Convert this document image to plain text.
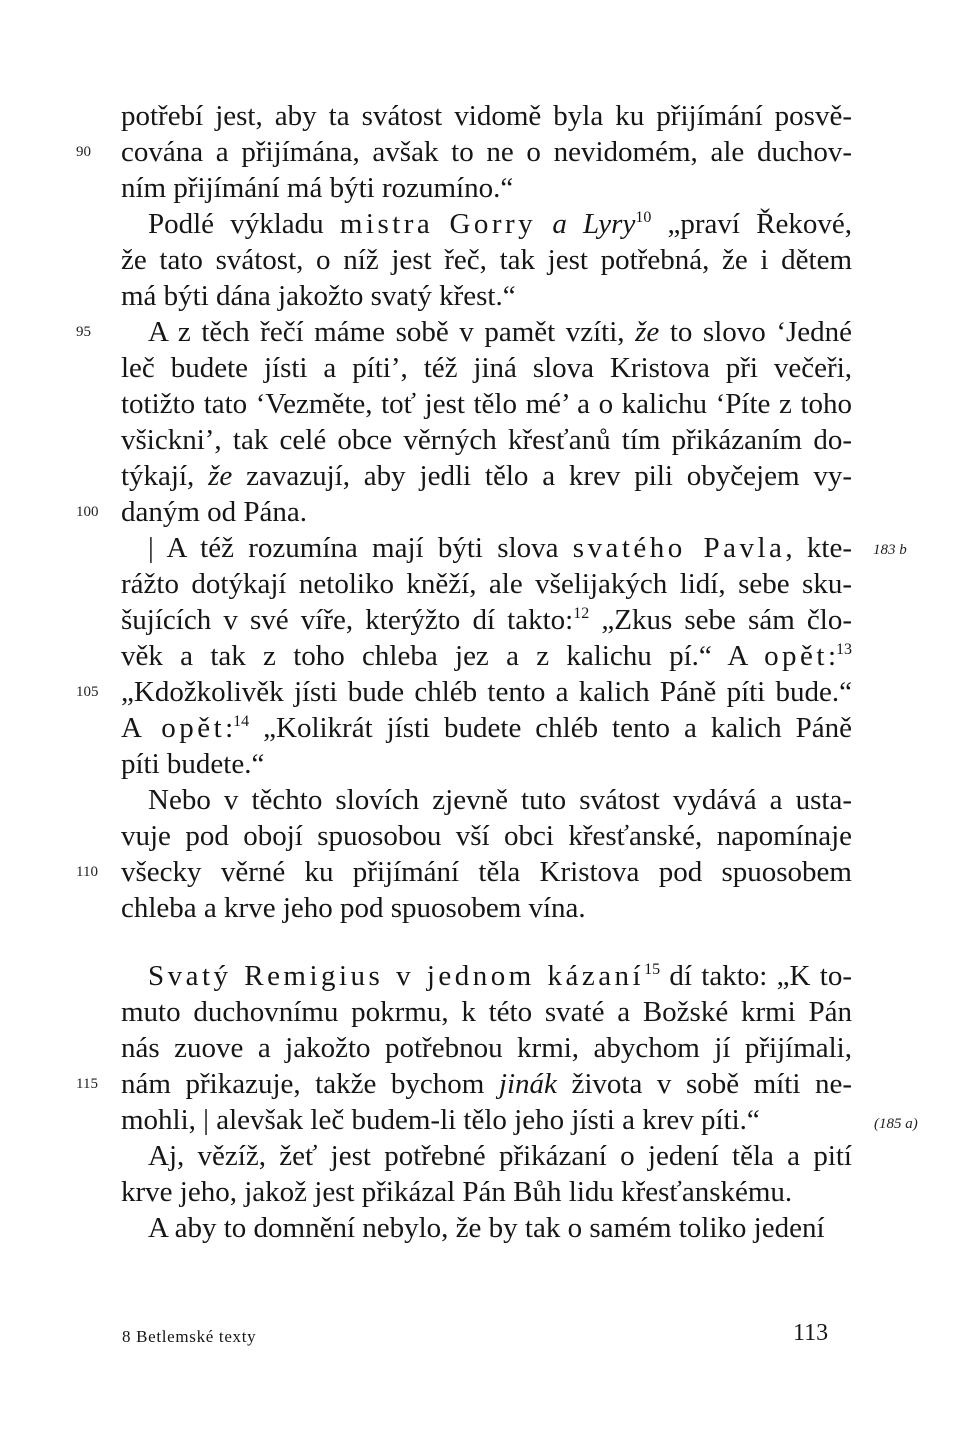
potřebí jest, aby ta svátost vidomě byla ku přijímání posvě-
cována a přijímána, avšak to ne o nevidomém, ale duchov-
ním přijímání má býti rozumíno.“
Podlé výkladu mistra Gorry a Lyry$^{10}$ „praví Řekové,
že tato svátost, o níž jest řeč, tak jest potřebná, že i dětem
má býti dána jakožto svatý křest.“
A z těch řečí máme sobě v pamět vzíti, že to slovo ‘Jedné
leč budete jísti a píti’, též jiná slova Kristova při večeři,
totižto tato ‘Vezměte, toť jest tělo mé’ a o kalichu ‘Píte z toho
všickni’, tak celé obce věrných křesťanů tím přikázaním do-
týkají, že zavazují, aby jedli tělo a krev pili obyčejem vy-
daným od Pána.
| A též rozumína mají býti slova svatého Pavla, kte-
rážto dotýkají netoliko kněží, ale všelijakých lidí, sebe sku-
šujících v své víře, kterýžto dí takto:$^{12}$ „Zkus sebe sám člo-
věk a tak z toho chleba jez a z kalichu pí.“ A opět:$^{13}$
„Kdožkolivěk jísti bude chléb tento a kalich Páně píti bude.“
A opět:$^{14}$ „Kolikrát jísti budete chléb tento a kalich Páně
píti budete.“
Nebo v těchto slovích zjevně tuto svátost vydává a usta-
vuje pod obojí spuosobou vší obci křesťanské, napomínaje
všecky věrné ku přijímání těla Kristova pod spuosobem
chleba a krve jeho pod spuosobem vína.
Svatý Remigius v jednom kázaní$^{15}$ dí takto: „K to-
muto duchovnímu pokrmu, k této svaté a Božské krmi Pán
nás zuove a jakožto potřebnou krmi, abychom jí přijímali,
nám přikazuje, takže bychom jinák života v sobě míti ne-
mohli, | alevšak leč budem-li tělo jeho jísti a krev píti.“
Aj, vězíž, žeť jest potřebné přikázaní o jedení těla a pití
krve jeho, jakož jest přikázal Pán Bůh lidu křesťanskému.
A aby to domnění nebylo, že by tak o samém toliko jedení
90
95
100
105
110
115
183 b
(185 a)
8 Betlemské texty	113
